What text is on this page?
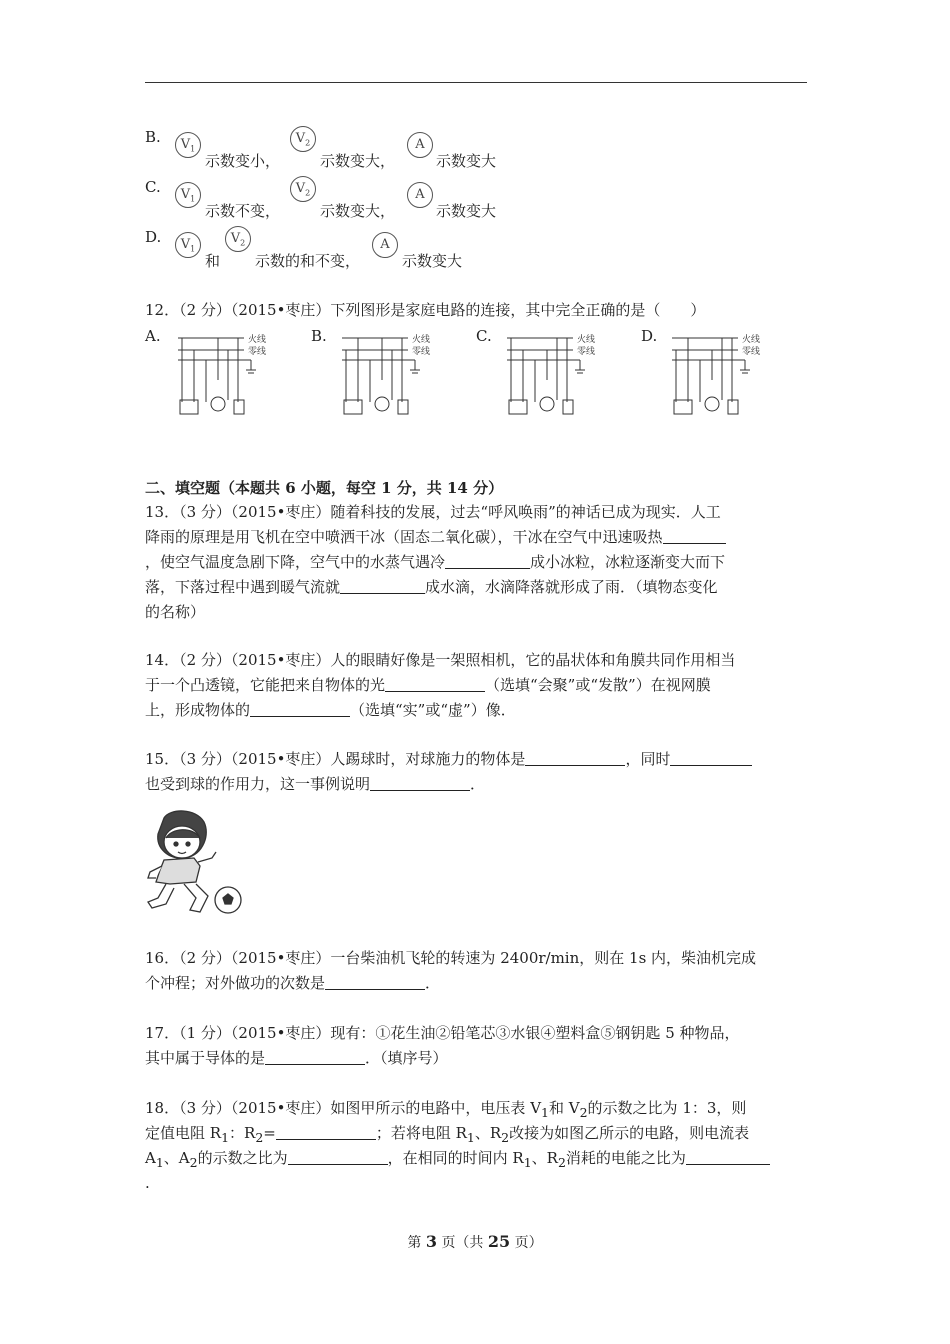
B.	$V_1$
示数变小，
$V_2$
示数变大，
A
示数变大
C.	$V_1$
示数不变，
$V_2$
示数变大，
A
示数变大
D.	$V_1$
和
$V_2$
示数的和不变，
A
示数变大
12．（2 分）（2015•枣庄）下列图形是家庭电路的连接，其中完全正确的是（　　）
A.	火线
零线
B.	火线
零线
C.	火线
零线
D.	火线
零线
二、填空题（本题共 6 小题，每空 1 分，共 14 分）
13．（3 分）（2015•枣庄）随着科技的发展，过去“呼风唤雨”的神话已成为现实．人工
降雨的原理是用飞机在空中喷洒干冰（固态二氧化碳），干冰在空气中迅速吸热
，使空气温度急剧下降，空气中的水蒸气遇冷	成小冰粒，冰粒逐渐变大而下
落，下落过程中遇到暖气流就	成水滴，水滴降落就形成了雨．（填物态变化
的名称）
14．（2 分）（2015•枣庄）人的眼睛好像是一架照相机，它的晶状体和角膜共同作用相当
于一个凸透镜，它能把来自物体的光	（选填“会聚”或“发散”）在视网膜
上，形成物体的	（选填“实”或“虚”）像．
15．（3 分）（2015•枣庄）人踢球时，对球施力的物体是	，同时
也受到球的作用力，这一事例说明	．
16．（2 分）（2015•枣庄）一台柴油机飞轮的转速为 2400r/min，则在 1s 内，柴油机完成
个冲程；对外做功的次数是	．
17．（1 分）（2015•枣庄）现有：①花生油②铅笔芯③水银④塑料盒⑤钢钥匙 5 种物品，
其中属于导体的是	．（填序号）
18．（3 分）（2015•枣庄）如图甲所示的电路中，电压表 $V_1$和 $V_2$的示数之比为 1：3，则
定值电阻 $R_1$：$R_2=$	；若将电阻 $R_1$、$R_2$改接为如图乙所示的电路，则电流表
$A_1$、$A_2$的示数之比为	，在相同的时间内 $R_1$、$R_2$消耗的电能之比为
.
第 3 页（共 25 页）
